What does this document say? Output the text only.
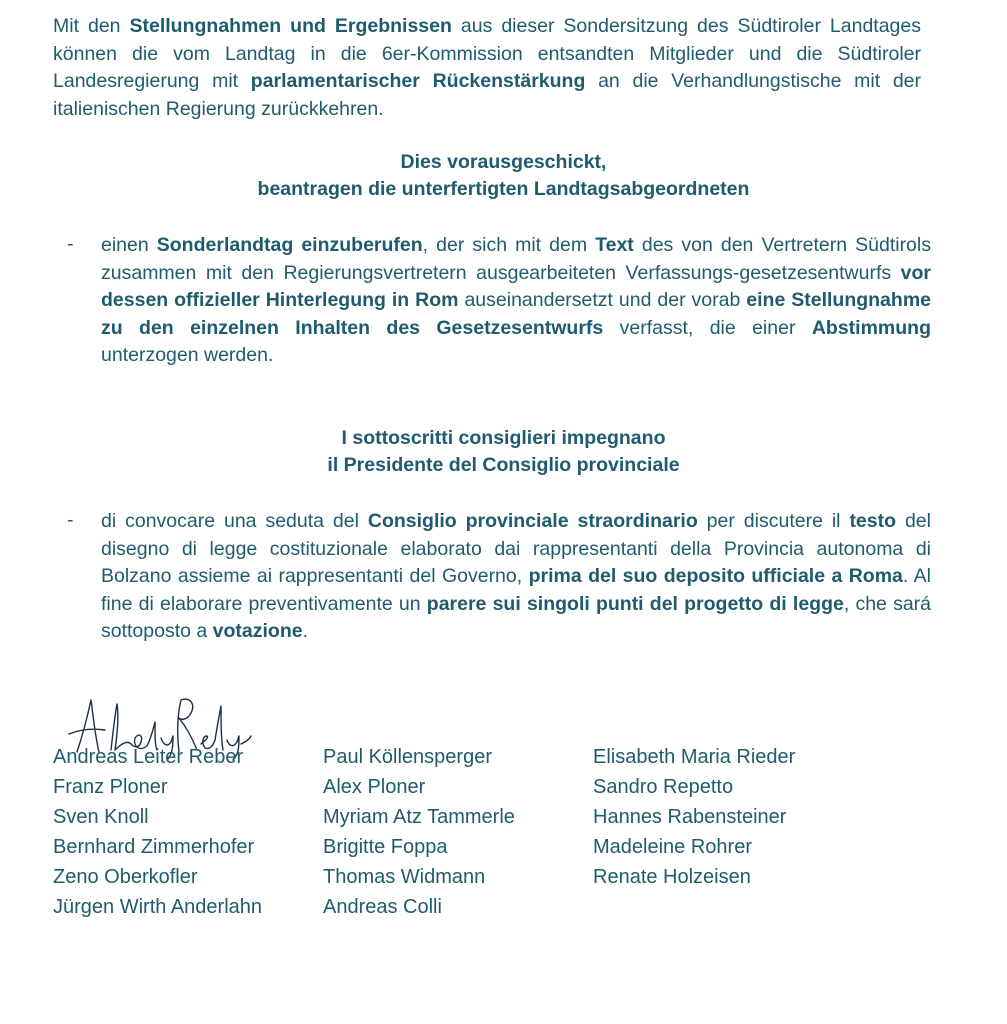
Mit den Stellungnahmen und Ergebnissen aus dieser Sondersitzung des Südtiroler Landtages können die vom Landtag in die 6er-Kommission entsandten Mitglieder und die Südtiroler Landesregierung mit parlamentarischer Rückenstärkung an die Verhandlungstische mit der italienischen Regierung zurückkehren.

Dies vorausgeschickt,
beantragen die unterfertigten Landtagsabgeordneten
- einen Sonderlandtag einzuberufen, der sich mit dem Text des von den Vertretern Südtirols zusammen mit den Regierungsvertretern ausgearbeiteten Verfassungs-gesetzesentwurfs vor dessen offizieller Hinterlegung in Rom auseinandersetzt und der vorab eine Stellungnahme zu den einzelnen Inhalten des Gesetzesentwurfs verfasst, die einer Abstimmung unterzogen werden.

I sottoscritti consiglieri impegnano
il Presidente del Consiglio provinciale
- di convocare una seduta del Consiglio provinciale straordinario per discutere il testo del disegno di legge costituzionale elaborato dai rappresentanti della Provincia autonoma di Bolzano assieme ai rappresentanti del Governo, prima del suo deposito ufficiale a Roma. Al fine di elaborare preventivamente un parere sui singoli punti del progetto di legge, che sará sottoposto a votazione.

Andreas Leiter Reber
Franz Ploner
Sven Knoll
Bernhard Zimmerhofer
Zeno Oberkofler
Jürgen Wirth Anderlahn
Paul Köllensperger
Alex Ploner
Myriam Atz Tammerle
Brigitte Foppa
Thomas Widmann
Andreas Colli
Elisabeth Maria Rieder
Sandro Repetto
Hannes Rabensteiner
Madeleine Rohrer
Renate Holzeisen
